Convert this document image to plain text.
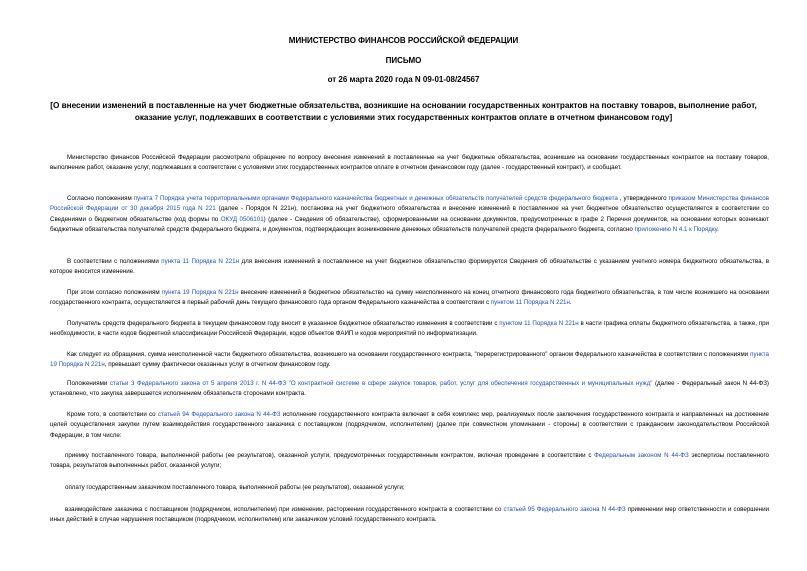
МИНИСТЕРСТВО ФИНАНСОВ РОССИЙСКОЙ ФЕДЕРАЦИИ
ПИСЬМО
от 26 марта 2020 года N 09-01-08/24567
[О внесении изменений в поставленные на учет бюджетные обязательства, возникшие на основании государственных контрактов на поставку товаров, выполнение работ, оказание услуг, подлежавших в соответствии с условиями этих государственных контрактов оплате в отчетном финансовом году]

Министерство финансов Российской Федерации рассмотрело обращение по вопросу внесения изменений в поставленные на учет бюджетные обязательства, возникшие на основании государственных контрактов на поставку товаров, выполнение работ, оказание услуг, подлежавших в соответствии с условиями этих государственных контрактов оплате в отчетном финансовом году (далее - государственный контракт), и сообщает.

Согласно положениям пункта 7 Порядка учета территориальными органами Федерального казначейства бюджетных и денежных обязательств получателей средств федерального бюджета , утвержденного приказом Министерства финансов Российской Федерации от 30 декабря 2015 года N 221 (далее - Порядок N 221н), постановка на учет бюджетного обязательства и внесение изменений в поставленное на учет бюджетное обязательство осуществляется в соответствии со Сведениями о бюджетном обязательстве (код формы по ОКУД 0506101) (далее - Сведения об обязательстве), сформированными на основании документов, предусмотренных в графе 2 Перечня документов, на основании которых возникают бюджетные обязательства получателей средств федерального бюджета, и документов, подтверждающих возникновение денежных обязательств получателей средств федерального бюджета, согласно приложению N 4.1 к Порядку.

В соответствии с положениями пункта 11 Порядка N 221н для внесения изменений в поставленное на учет бюджетное обязательство формируется Сведения об обязательстве с указанием учетного номера бюджетного обязательства, в которое вносится изменение.

При этом согласно положениям пункта 19 Порядка N 221н внесение изменений в бюджетное обязательство на сумму неисполненного на конец отчетного финансового года бюджетного обязательства, в том числе возникшего на основании государственного контракта, осуществляется в первый рабочий день текущего финансового года органом Федерального казначейства в соответствии с пунктом 11 Порядка N 221н.

Получатель средств федерального бюджета в текущем финансовом году вносит в указанное бюджетное обязательство изменения в соответствии с пунктом 11 Порядка N 221н в части графика оплаты бюджетного обязательства, а также, при необходимости, в части кодов бюджетной классификации Российской Федерации, кодов объектов ФАИП и кодов мероприятий по информатизации.

Как следует из обращения, сумма неисполненной части бюджетного обязательства, возникшего на основании государственного контракта, "перерегистрированного" органом Федерального казначейства в соответствии с положениями пункта 19 Порядка N 221н, превышает сумму фактически оказанных услуг в отчетном финансовом году.

Положениями статьи 3 Федерального закона от 5 апреля 2013 г. N 44-ФЗ "О контрактной системе в сфере закупок товаров, работ, услуг для обеспечения государственных и муниципальных нужд" (далее - Федеральный закон N 44-ФЗ) установлено, что закупка завершается исполнением обязательств сторонами контракта.

Кроме того, в соответствии со статьей 94 Федерального закона N 44-ФЗ исполнение государственного контракта включает в себя комплекс мер, реализуемых после заключения государственного контракта и направленных на достижение целей осуществления закупки путем взаимодействия государственного заказчика с поставщиком (подрядчиком, исполнителем) (далее при совместном упоминании - стороны) в соответствии с гражданским законодательством Российской Федерации, в том числе:

приемку поставленного товара, выполненной работы (ее результатов), оказанной услуги, предусмотренных государственным контрактом, включая проведение в соответствии с Федеральным законом N 44-ФЗ экспертизы поставленного товара, результатов выполненных работ, оказанной услуги;

оплату государственным заказчиком поставленного товара, выполненной работы (ее результатов), оказанной услуги;

взаимодействие заказчика с поставщиком (подрядчиком, исполнителем) при изменении, расторжении государственного контракта в соответствии со статьей 95 Федерального закона N 44-ФЗ применении мер ответственности и совершении иных действий в случае нарушения поставщиком (подрядчиком, исполнителем) или заказчиком условий государственного контракта.
